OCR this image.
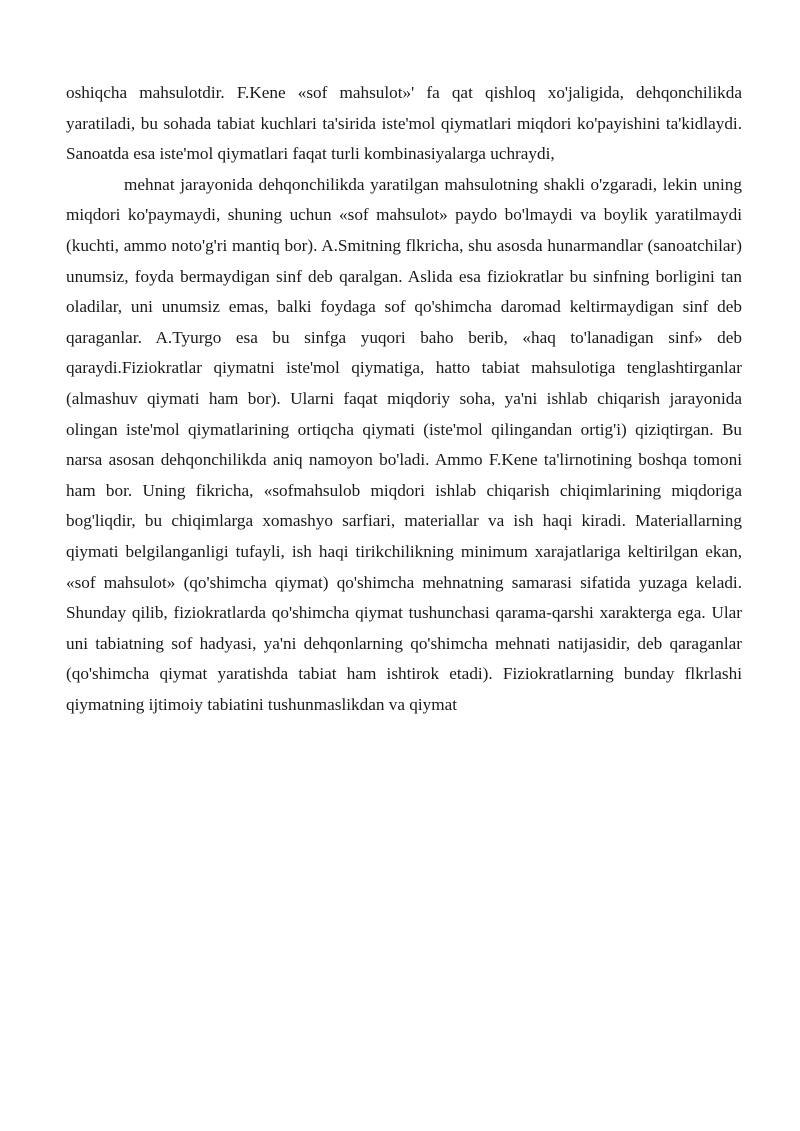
oshiqcha mahsulotdir. F.Kene «sof mahsulot»' fa qat qishloq xo'jaligida, dehqonchilikda yaratiladi, bu sohada tabiat kuchlari ta'sirida iste'mol qiymatlari miqdori ko'payishini ta'kidlaydi. Sanoatda esa iste'mol qiymatlari faqat turli kombinasiyalarga uchraydi,

mehnat jarayonida dehqonchilikda yaratilgan mahsulotning shakli o'zgaradi, lekin uning miqdori ko'paymaydi, shuning uchun «sof mahsulot» paydo bo'lmaydi va boylik yaratilmaydi (kuchti, ammo noto'g'ri mantiq bor). A.Smitning flkricha, shu asosda hunarmandlar (sanoatchilar) unumsiz, foyda bermaydigan sinf deb qaralgan. Aslida esa fiziokratlar bu sinfning borligini tan oladilar, uni unumsiz emas, balki foydaga sof qo'shimcha daromad keltirmaydigan sinf deb qaraganlar. A.Tyurgo esa bu sinfga yuqori baho berib, «haq to'lanadigan sinf» deb qaraydi.Fiziokratlar qiymatni iste'mol qiymatiga, hatto tabiat mahsulotiga tenglashtirganlar (almashuv qiymati ham bor). Ularni faqat miqdoriy soha, ya'ni ishlab chiqarish jarayonida olingan iste'mol qiymatlarining ortiqcha qiymati (iste'mol qilingandan ortig'i) qiziqtirgan. Bu narsa asosan dehqonchilikda aniq namoyon bo'ladi. Ammo F.Kene ta'lirnotining boshqa tomoni ham bor. Uning fikricha, «sofmahsulob miqdori ishlab chiqarish chiqimlarining miqdoriga bog'liqdir, bu chiqimlarga xomashyo sarfiari, materiallar va ish haqi kiradi. Materiallarning qiymati belgilanganligi tufayli, ish haqi tirikchilikning minimum xarajatlariga keltirilgan ekan, «sof mahsulot» (qo'shimcha qiymat) qo'shimcha mehnatning samarasi sifatida yuzaga keladi. Shunday qilib, fiziokratlarda qo'shimcha qiymat tushunchasi qarama-qarshi xarakterga ega. Ular uni tabiatning sof hadyasi, ya'ni dehqonlarning qo'shimcha mehnati natijasidir, deb qaraganlar (qo'shimcha qiymat yaratishda tabiat ham ishtirok etadi). Fiziokratlarning bunday flkrlashi qiymatning ijtimoiy tabiatini tushunmaslikdan va qiymat
